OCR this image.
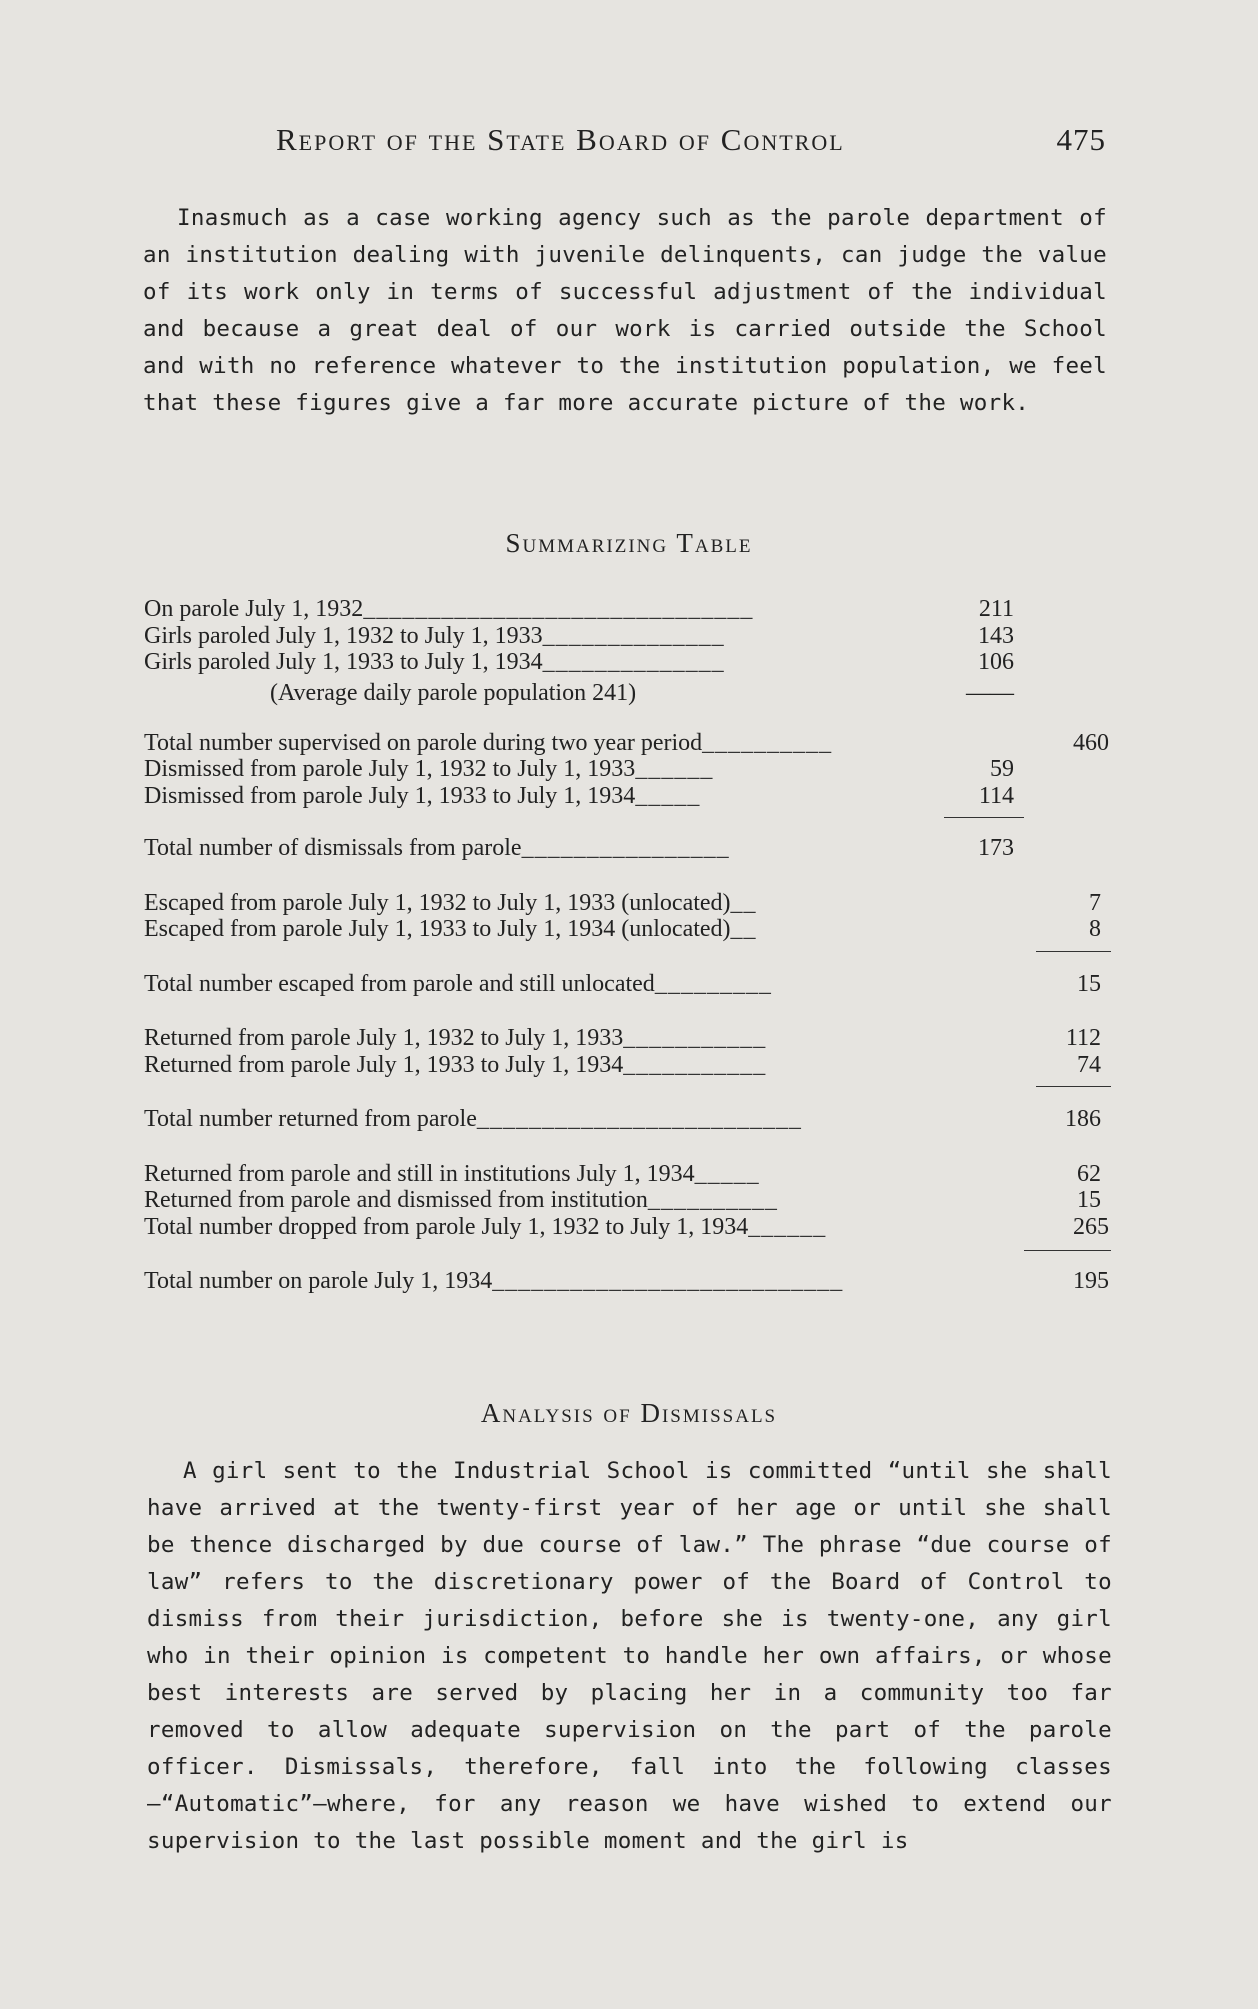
Report of the State Board of Control	475

Inasmuch as a case working agency such as the parole department of an institution dealing with juvenile delinquents, can judge the value of its work only in terms of successful adjustment of the individual and because a great deal of our work is carried outside the School and with no reference whatever to the institution population, we feel that these figures give a far more accurate picture of the work.

Summarizing Table
On parole July 1, 1932______________________________	211
Girls paroled July 1, 1932 to July 1, 1933______________	143
Girls paroled July 1, 1933 to July 1, 1934______________	106
(Average daily parole population 241)	——
Total number supervised on parole during two year period__________	460
Dismissed from parole July 1, 1932 to July 1, 1933______	59
Dismissed from parole July 1, 1933 to July 1, 1934_____	114
Total number of dismissals from parole________________	173
Escaped from parole July 1, 1932 to July 1, 1933 (unlocated)__	7
Escaped from parole July 1, 1933 to July 1, 1934 (unlocated)__	8
Total number escaped from parole and still unlocated_________	15
Returned from parole July 1, 1932 to July 1, 1933___________	112
Returned from parole July 1, 1933 to July 1, 1934___________	74
Total number returned from parole_________________________	186
Returned from parole and still in institutions July 1, 1934_____	62
Returned from parole and dismissed from institution__________	15
Total number dropped from parole July 1, 1932 to July 1, 1934______	265
Total number on parole July 1, 1934___________________________	195
Analysis of Dismissals

A girl sent to the Industrial School is committed “until she shall have arrived at the twenty-first year of her age or until she shall be thence discharged by due course of law.” The phrase “due course of law” refers to the discretionary power of the Board of Control to dismiss from their jurisdiction, before she is twenty-one, any girl who in their opinion is competent to handle her own affairs, or whose best interests are served by placing her in a community too far removed to allow adequate supervision on the part of the parole officer. Dismissals, therefore, fall into the following classes—“Automatic”—where, for any reason we have wished to extend our supervision to the last possible moment and the girl is
